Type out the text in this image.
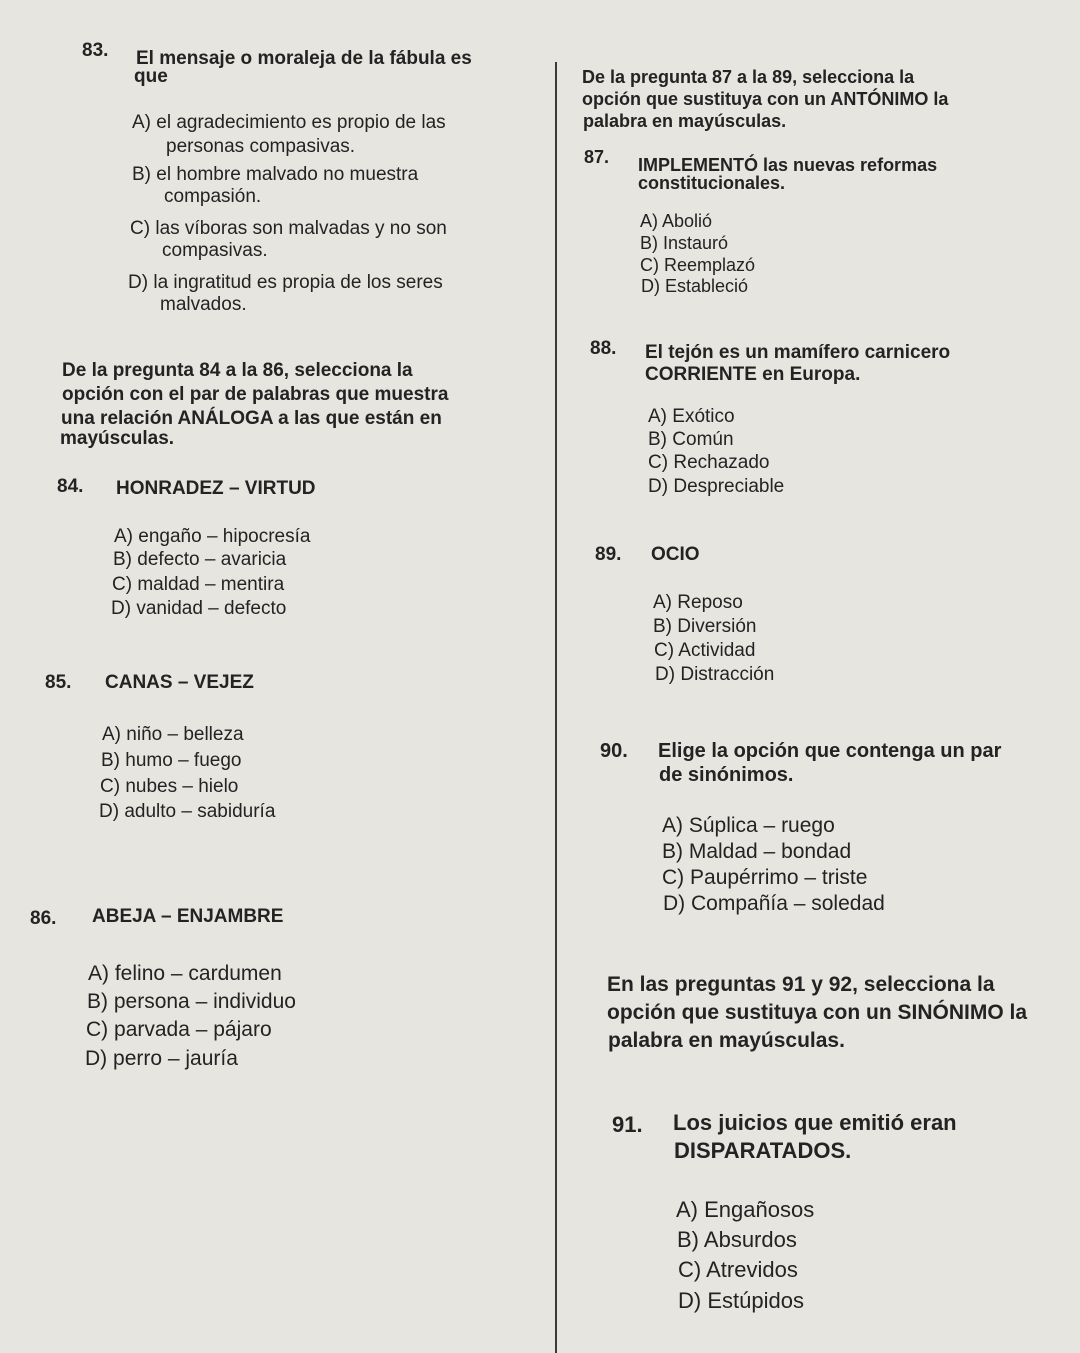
83. El mensaje o moraleja de la fábula es
que
A) el agradecimiento es propio de las
personas compasivas.
B) el hombre malvado no muestra
compasión.
C) las víboras son malvadas y no son
compasivas.
D) la ingratitud es propia de los seres
malvados.
De la pregunta 84 a la 86, selecciona la
opción con el par de palabras que muestra
una relación ANÁLOGA a las que están en
mayúsculas.
84. HONRADEZ – VIRTUD
A) engaño – hipocresía
B) defecto – avaricia
C) maldad – mentira
D) vanidad – defecto
85. CANAS – VEJEZ
A) niño – belleza
B) humo – fuego
C) nubes – hielo
D) adulto – sabiduría
86. ABEJA – ENJAMBRE
A) felino – cardumen
B) persona – individuo
C) parvada – pájaro
D) perro – jauría
De la pregunta 87 a la 89, selecciona la
opción que sustituya con un ANTÓNIMO la
palabra en mayúsculas.
87. IMPLEMENTÓ las nuevas reformas
constitucionales.
A) Abolió
B) Instauró
C) Reemplazó
D) Estableció
88. El tejón es un mamífero carnicero
CORRIENTE en Europa.
A) Exótico
B) Común
C) Rechazado
D) Despreciable
89. OCIO
A) Reposo
B) Diversión
C) Actividad
D) Distracción
90. Elige la opción que contenga un par
de sinónimos.
A) Súplica – ruego
B) Maldad – bondad
C) Paupérrimo – triste
D) Compañía – soledad
En las preguntas 91 y 92, selecciona la
opción que sustituya con un SINÓNIMO la
palabra en mayúsculas.
91. Los juicios que emitió eran
DISPARATADOS.
A) Engañosos
B) Absurdos
C) Atrevidos
D) Estúpidos
